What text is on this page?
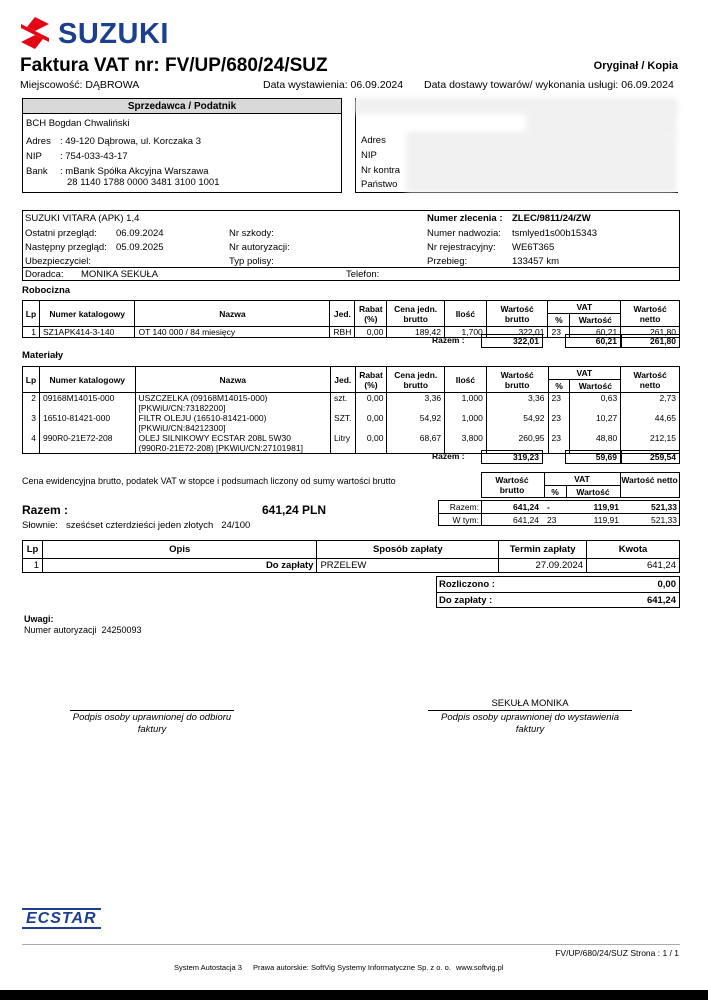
SUZUKI
Faktura VAT nr: FV/UP/680/24/SUZ	Oryginał / Kopia
Miejscowość: DĄBROWA	Data wystawienia: 06.09.2024 Data dostawy towarów/ wykonania usługi: 06.09.2024
Sprzedawca / Podatnik
BCH Bogdan Chwaliński
Adres : 49-120 Dąbrowa, ul. Korczaka 3
NIP : 754-033-43-17
Bank : mBank Spółka Akcyjna Warszawa
28 1140 1788 0000 3481 3100 1001
Adres
NIP
Nr kontra
Państwo
SUZUKI VITARA (APK) 1,4
Ostatni przegląd: 06.09.2024
Następny przegląd: 05.09.2025
Ubezpieczyciel:
Nr szkody:
Nr autoryzacji:
Typ polisy:
Numer zlecenia : ZLEC/9811/24/ZW
Numer nadwozia: tsmlyed1s00b15343
Nr rejestracyjny: WE6T365
Przebieg:	133457 km
Doradca: MONIKA SEKUŁA	Telefon:
Robocizna
Lp	Numer katalogowy	Nazwa	Jed.	Rabat (%)	Cena jedn. brutto	Ilość	Wartość brutto	VAT		Wartość netto
								%	Wartość	
1	SZ1APK414-3-140	OT 140 000 / 84 miesięcy	RBH	0,00	189,42	1,700	322,01	23	60,21	261,80
Razem :	322,01	60,21	261,80
Materiały
Lp	Numer katalogowy	Nazwa	Jed.	Rabat (%)	Cena jedn. brutto	Ilość	Wartość brutto	VAT		Wartość netto
								%	Wartość	
2	09168M14015-000	USZCZELKA (09168M14015-000)
[PKWiU/CN:73182200]	szt.	0,00	3,36	1,000	3,36	23	0,63	2,73
3	16510-81421-000	FILTR OLEJU (16510-81421-000)
[PKWiU/CN:84212300]	SZT.	0,00	54,92	1,000	54,92	23	10,27	44,65
4	990R0-21E72-208	OLEJ SILNIKOWY ECSTAR 208L 5W30
(990R0-21E72-208) [PKWiU/CN:27101981]	Litry	0,00	68,67	3,800	260,95	23	48,80	212,15
Razem :	319,23	59,69	259,54
Cena ewidencyjna brutto, podatek VAT w stopce i podsumach liczony od sumy wartości brutto	Wartość brutto
VAT
%	Wartość
Wartość netto
Razem:	641,24 -	119,91	521,33
W tym:	641,24 23	119,91	521,33
Razem :	641,24 PLN
Słownie: sześćset czterdzieści jeden złotych   24/100
Lp	Opis	Sposób zapłaty	Termin zapłaty	Kwota
1	Do zapłaty	PRZELEW	27.09.2024	641,24
Rozliczono :	0,00
Do zapłaty :	641,24
Uwagi:
Numer autoryzacji  24250093
Podpis osoby uprawnionej do odbioru faktury
SEKUŁA MONIKA
Podpis osoby uprawnionej do wystawienia faktury
ECSTAR
FV/UP/680/24/SUZ Strona : 1 / 1
System Autostacja 3 Prawa autorskie: SoftVig Systemy Informatyczne Sp. z o. o. www.softvig.pl
